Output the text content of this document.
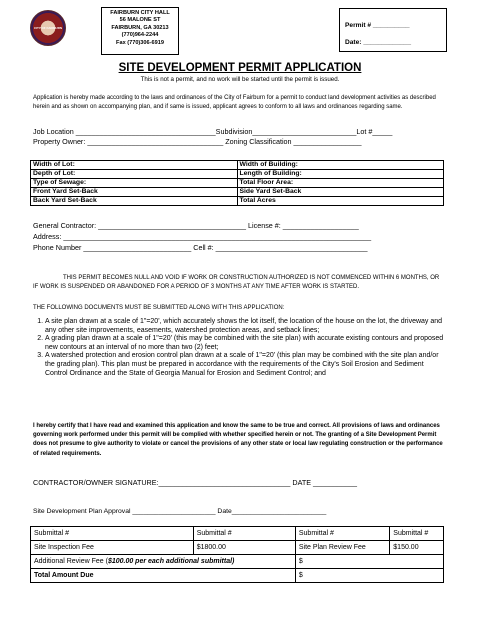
CITY OF FAIRBURN
FAIRBURN CITY HALL
56 MALONE ST
FAIRBURN, GA 30213
(770)964-2244
Fax (770)306-6919
Permit # __________
Date: _____________
SITE DEVELOPMENT PERMIT APPLICATION
This is not a permit, and no work will be started until the permit is issued.
Application is hereby made according to the laws and ordinances of the City of Fairburn for a permit to conduct land development activities as described herein and as shown on accompanying plan, and if same is issued, applicant agrees to conform to all laws and ordinances regarding same.
Job Location ___________________________________Subdivision__________________________Lot #_____
Property Owner: __________________________________ Zoning Classification _________________
Width of Lot:	Width of Building:
Depth of Lot:	Length of Building:
Type of Sewage:	Total Floor Area:
Front Yard Set-Back	Side Yard Set-Back
Back Yard Set-Back	Total Acres
General Contractor: _____________________________________ License #: ___________________
Address: _____________________________________________________________________________
Phone Number ___________________________ Cell #: ______________________________________
THIS PERMIT BECOMES NULL AND VOID IF WORK OR CONSTRUCTION AUTHORIZED IS NOT COMMENCED WITHIN 6 MONTHS, OR IF WORK IS SUSPENDED OR ABANDONED FOR A PERIOD OF 3 MONTHS AT ANY TIME AFTER WORK IS STARTED.
THE FOLLOWING DOCUMENTS MUST BE SUBMITTED ALONG WITH THIS APPLICATION:
1. A site plan drawn at a scale of 1"=20', which accurately shows the lot itself, the location of the house on the lot, the driveway and any other site improvements, easements, watershed protection areas, and setback lines;
2. A grading plan drawn at a scale of 1"=20' (this may be combined with the site plan) with accurate existing contours and proposed new contours at an interval of no more than two (2) feet;
3. A watershed protection and erosion control plan drawn at a scale of 1"=20' (this plan may be combined with the site plan and/or the grading plan). This plan must be prepared in accordance with the requirements of the City's Soil Erosion and Sediment Control Ordinance and the State of Georgia Manual for Erosion and Sediment Control; and
I hereby certify that I have read and examined this application and know the same to be true and correct. All provisions of laws and ordinances governing work performed under this permit will be complied with whether specified herein or not. The granting of a Site Development Permit does not presume to give authority to violate or cancel the provisions of any other state or local law regulating construction or the performance of related requirements.
CONTRACTOR/OWNER SIGNATURE:_________________________________ DATE ___________
Site Development Plan Approval ______________________ Date_________________________
Submittal #	Submittal #	Submittal #	Submittal #
Site Inspection Fee	$1800.00	Site Plan Review Fee	$150.00
Additional Review Fee ($100.00 per each additional submittal)		$	
Total Amount Due		$	
